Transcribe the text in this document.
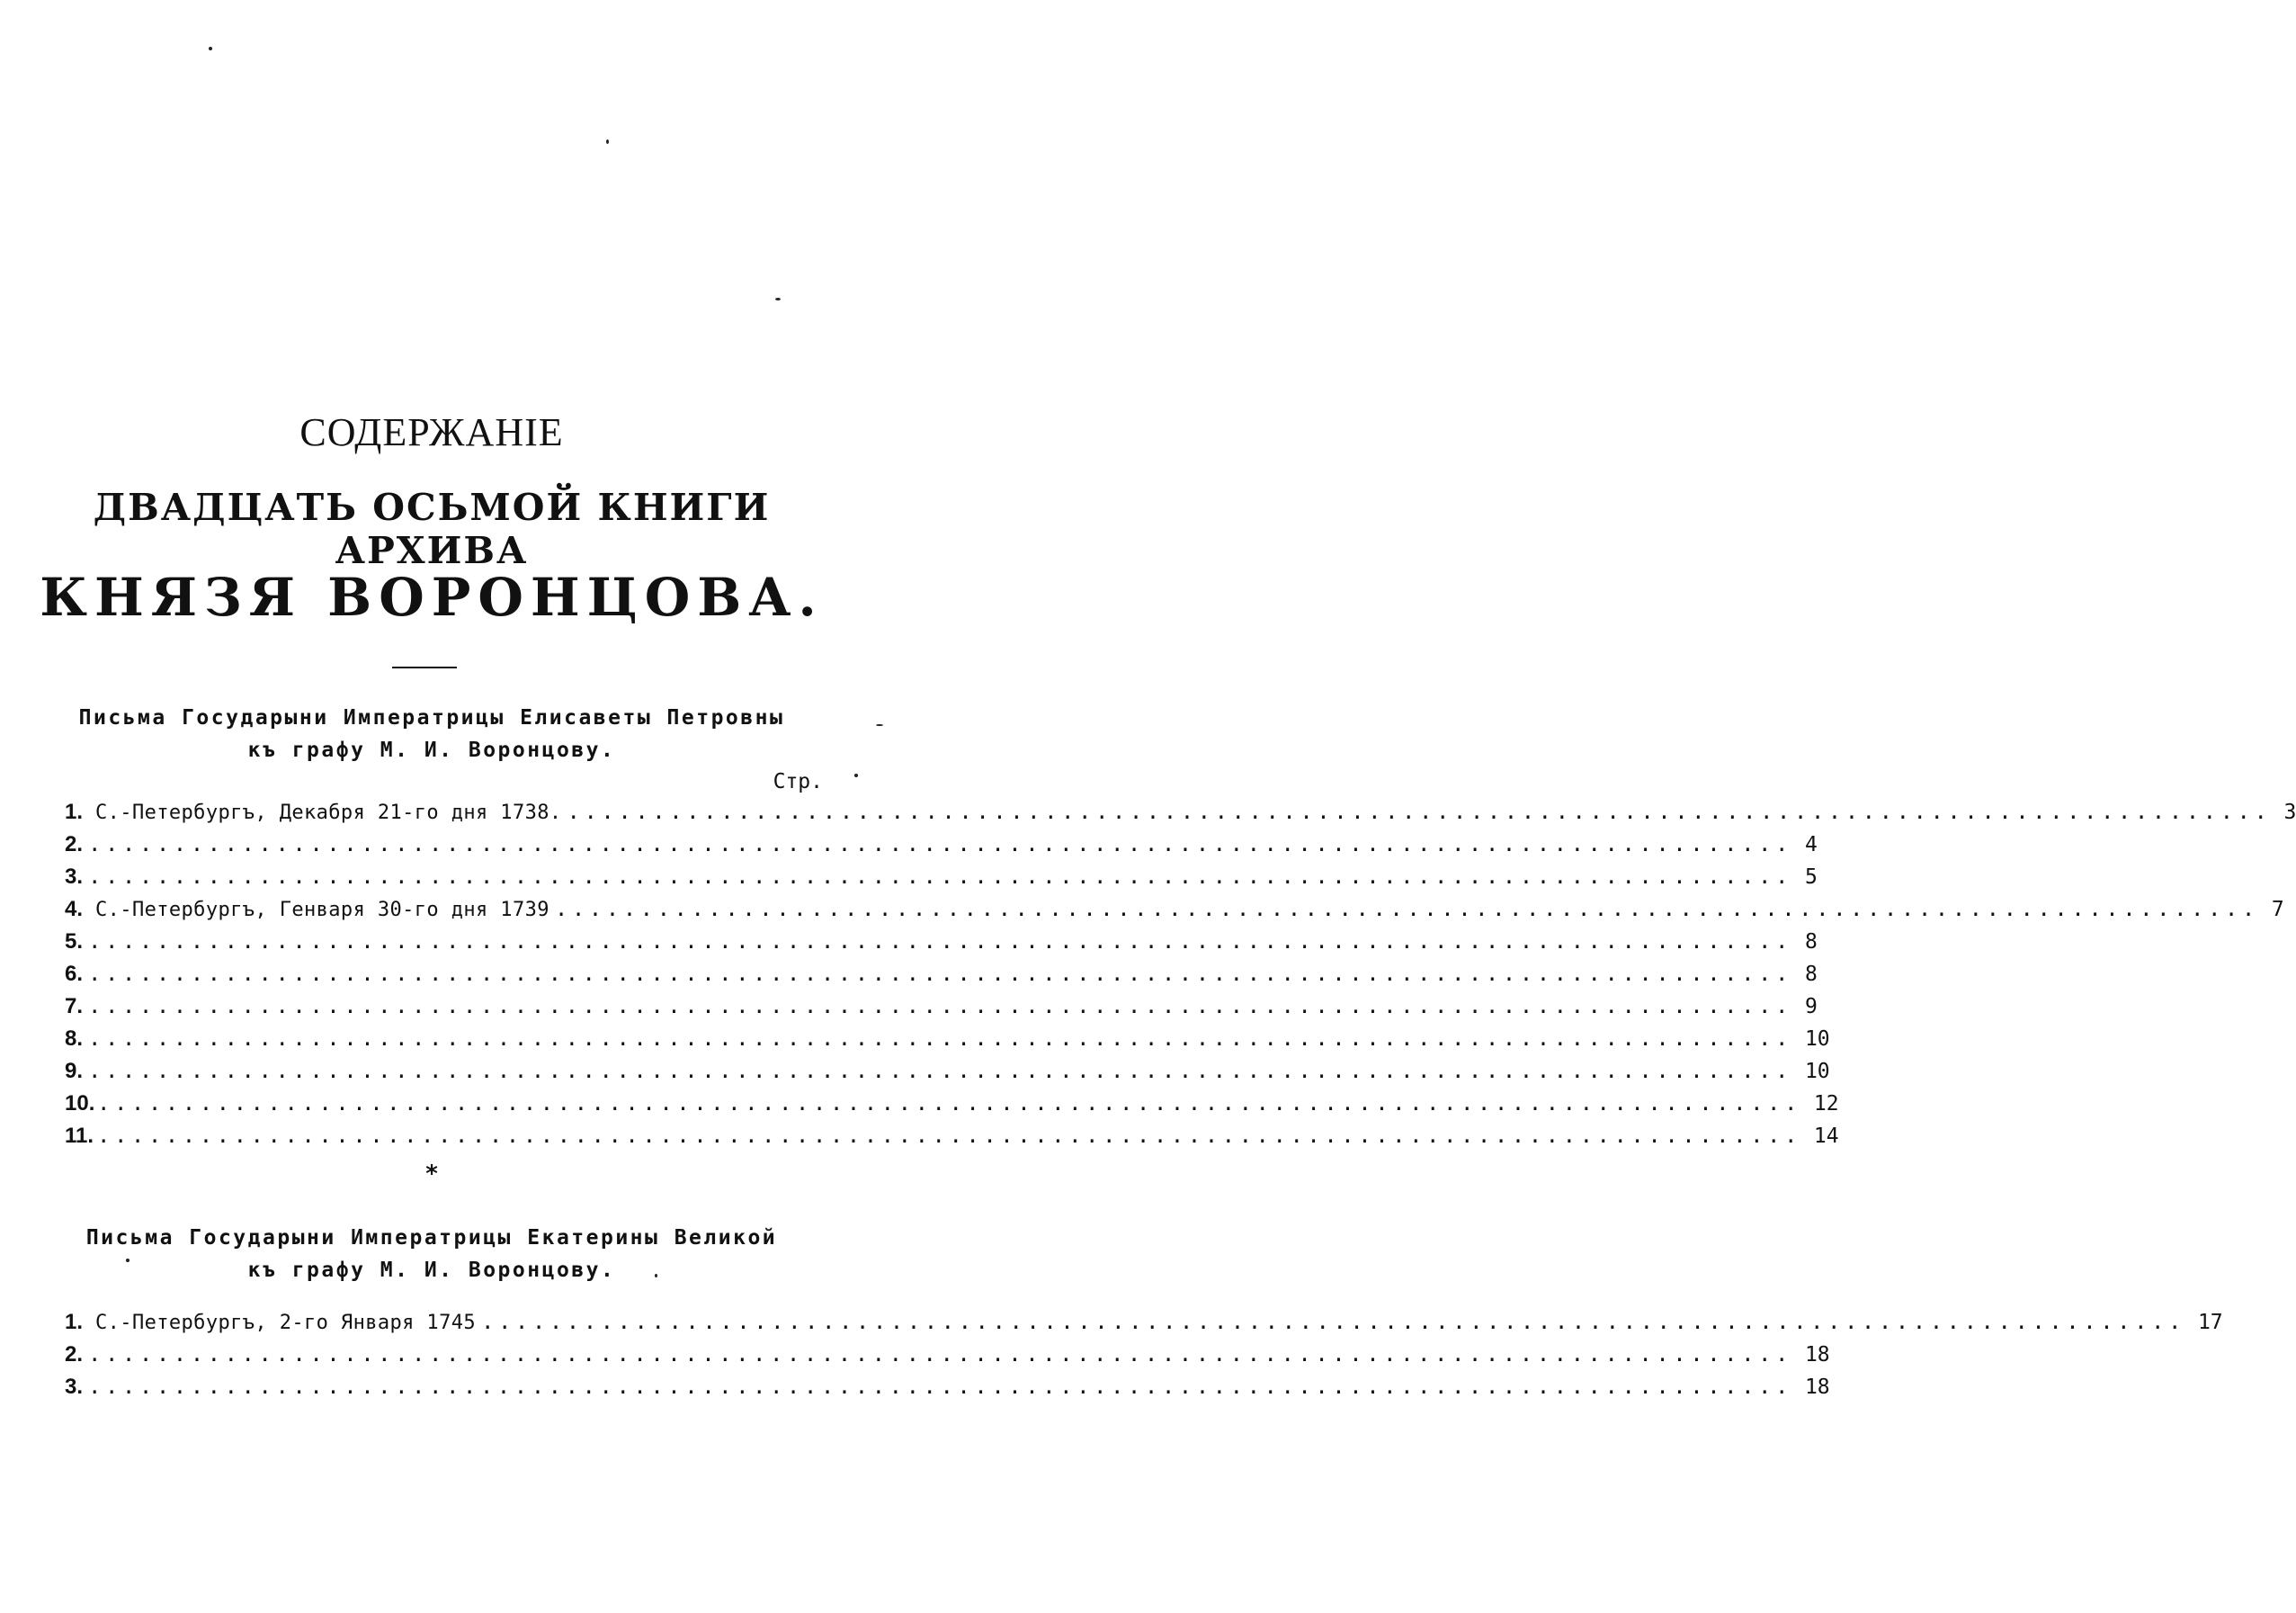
СОДЕРЖАНІЕ
ДВАДЦАТЬ ОСЬМОЙ КНИГИ АРХИВА
КНЯЗЯ ВОРОНЦОВА.
Письма Государыни Императрицы Елисаветы Петровны
къ графу М. И. Воронцову.
Стр.
1. С.-Петербургъ, Декабря 21-го дня 1738. .................................................................................................... 3
2. .................................................................................................... 4
3. .................................................................................................... 5
4. С.-Петербургъ, Генваря 30-го дня 1739 .................................................................................................... 7
5. .................................................................................................... 8
6. .................................................................................................... 8
7. .................................................................................................... 9
8. .................................................................................................... 10
9. .................................................................................................... 10
10. .................................................................................................... 12
11. .................................................................................................... 14
*
Письма Государыни Императрицы Екатерины Великой
къ графу М. И. Воронцову.
1. С.-Петербургъ, 2-го Января 1745 .................................................................................................... 17
2. .................................................................................................... 18
3. .................................................................................................... 18
